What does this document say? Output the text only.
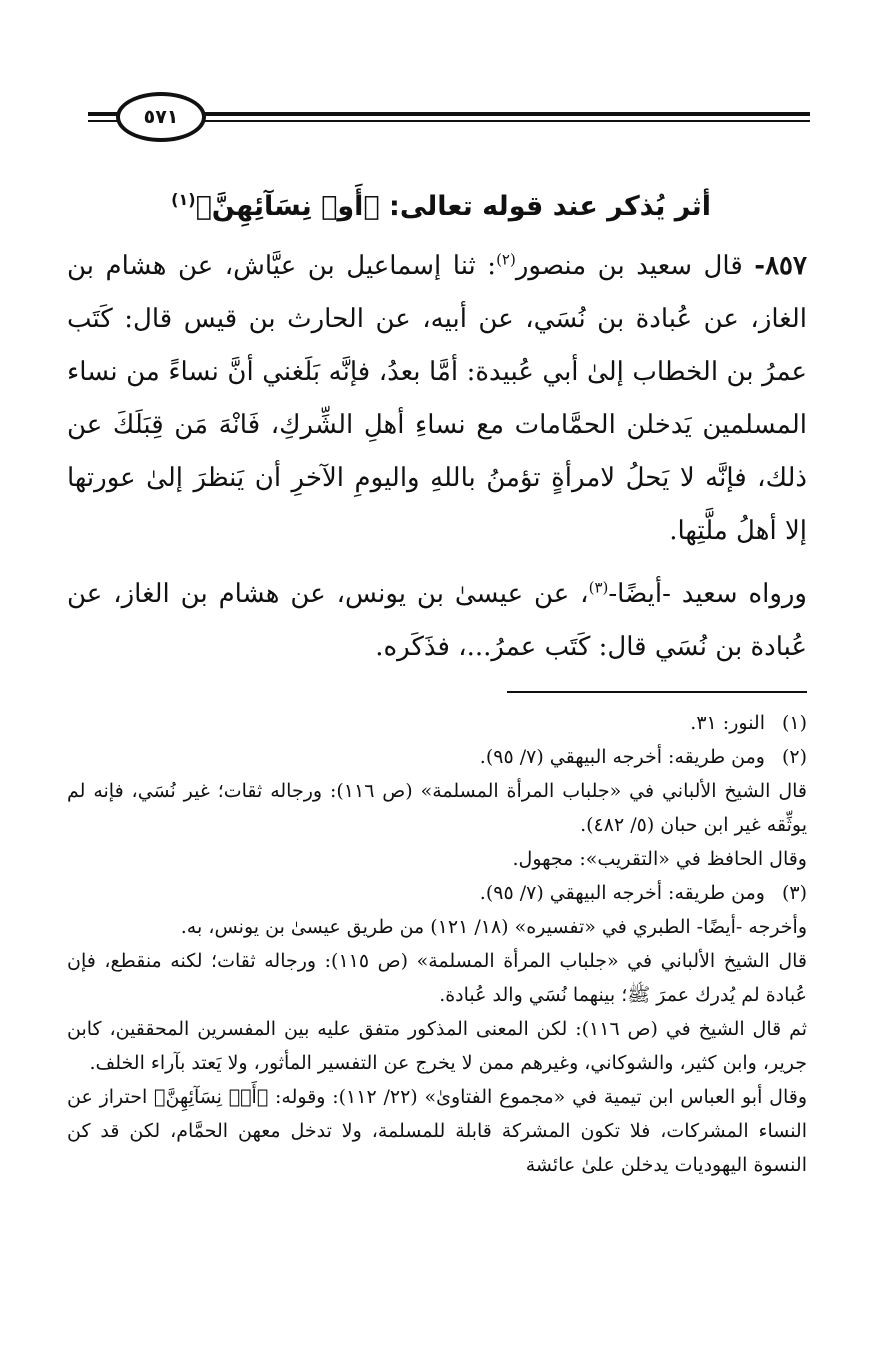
٥٧١
أثر يُذكر عند قوله تعالى: ﴿أَوۡ نِسَآئِهِنَّ﴾$^{(١)}$

٨٥٧- قال سعيد بن منصور$^{(٢)}$: ثنا إسماعيل بن عيَّاش، عن هشام بن الغاز، عن عُبادة بن نُسَي، عن أبيه، عن الحارث بن قيس قال: كَتَب عمرُ بن الخطاب إلىٰ أبي عُبيدة: أمَّا بعدُ، فإنَّه بَلَغني أنَّ نساءً من نساء المسلمين يَدخلن الحمَّامات مع نساءِ أهلِ الشِّركِ، فَانْهَ مَن قِبَلَكَ عن ذلك، فإنَّه لا يَحلُ لامرأةٍ تؤمنُ باللهِ واليومِ الآخرِ أن يَنظرَ إلىٰ عورتها إلا أهلُ ملَّتِها.

ورواه سعيد -أيضًا-$^{(٣)}$، عن عيسىٰ بن يونس، عن هشام بن الغاز، عن عُبادة بن نُسَي قال: كَتَب عمرُ...، فذَكَره.

(١)

النور: ٣١.

(٢)

ومن طريقه: أخرجه البيهقي (٧/ ٩٥).

قال الشيخ الألباني في «جلباب المرأة المسلمة» (ص ١١٦): ورجاله ثقات؛ غير نُسَي، فإنه لم يوثِّقه غير ابن حبان (٥/ ٤٨٢).

وقال الحافظ في «التقريب»: مجهول.

(٣)

ومن طريقه: أخرجه البيهقي (٧/ ٩٥).

وأخرجه -أيضًا- الطبري في «تفسيره» (١٨/ ١٢١) من طريق عيسىٰ بن يونس، به.

قال الشيخ الألباني في «جلباب المرأة المسلمة» (ص ١١٥): ورجاله ثقات؛ لكنه منقطع، فإن عُبادة لم يُدرك عمرَ ﷺ؛ بينهما نُسَي والد عُبادة.

ثم قال الشيخ في (ص ١١٦): لكن المعنى المذكور متفق عليه بين المفسرين المحققين، كابن جرير، وابن كثير، والشوكاني، وغيرهم ممن لا يخرج عن التفسير المأثور، ولا يَعتد بآراء الخلف.

وقال أبو العباس ابن تيمية في «مجموع الفتاوىٰ» (٢٢/ ١١٢): وقوله: ﴿أَوۡ نِسَآئِهِنَّ﴾ احتراز عن النساء المشركات، فلا تكون المشركة قابلة للمسلمة، ولا تدخل معهن الحمَّام، لكن قد كن النسوة اليهوديات يدخلن علىٰ عائشة
